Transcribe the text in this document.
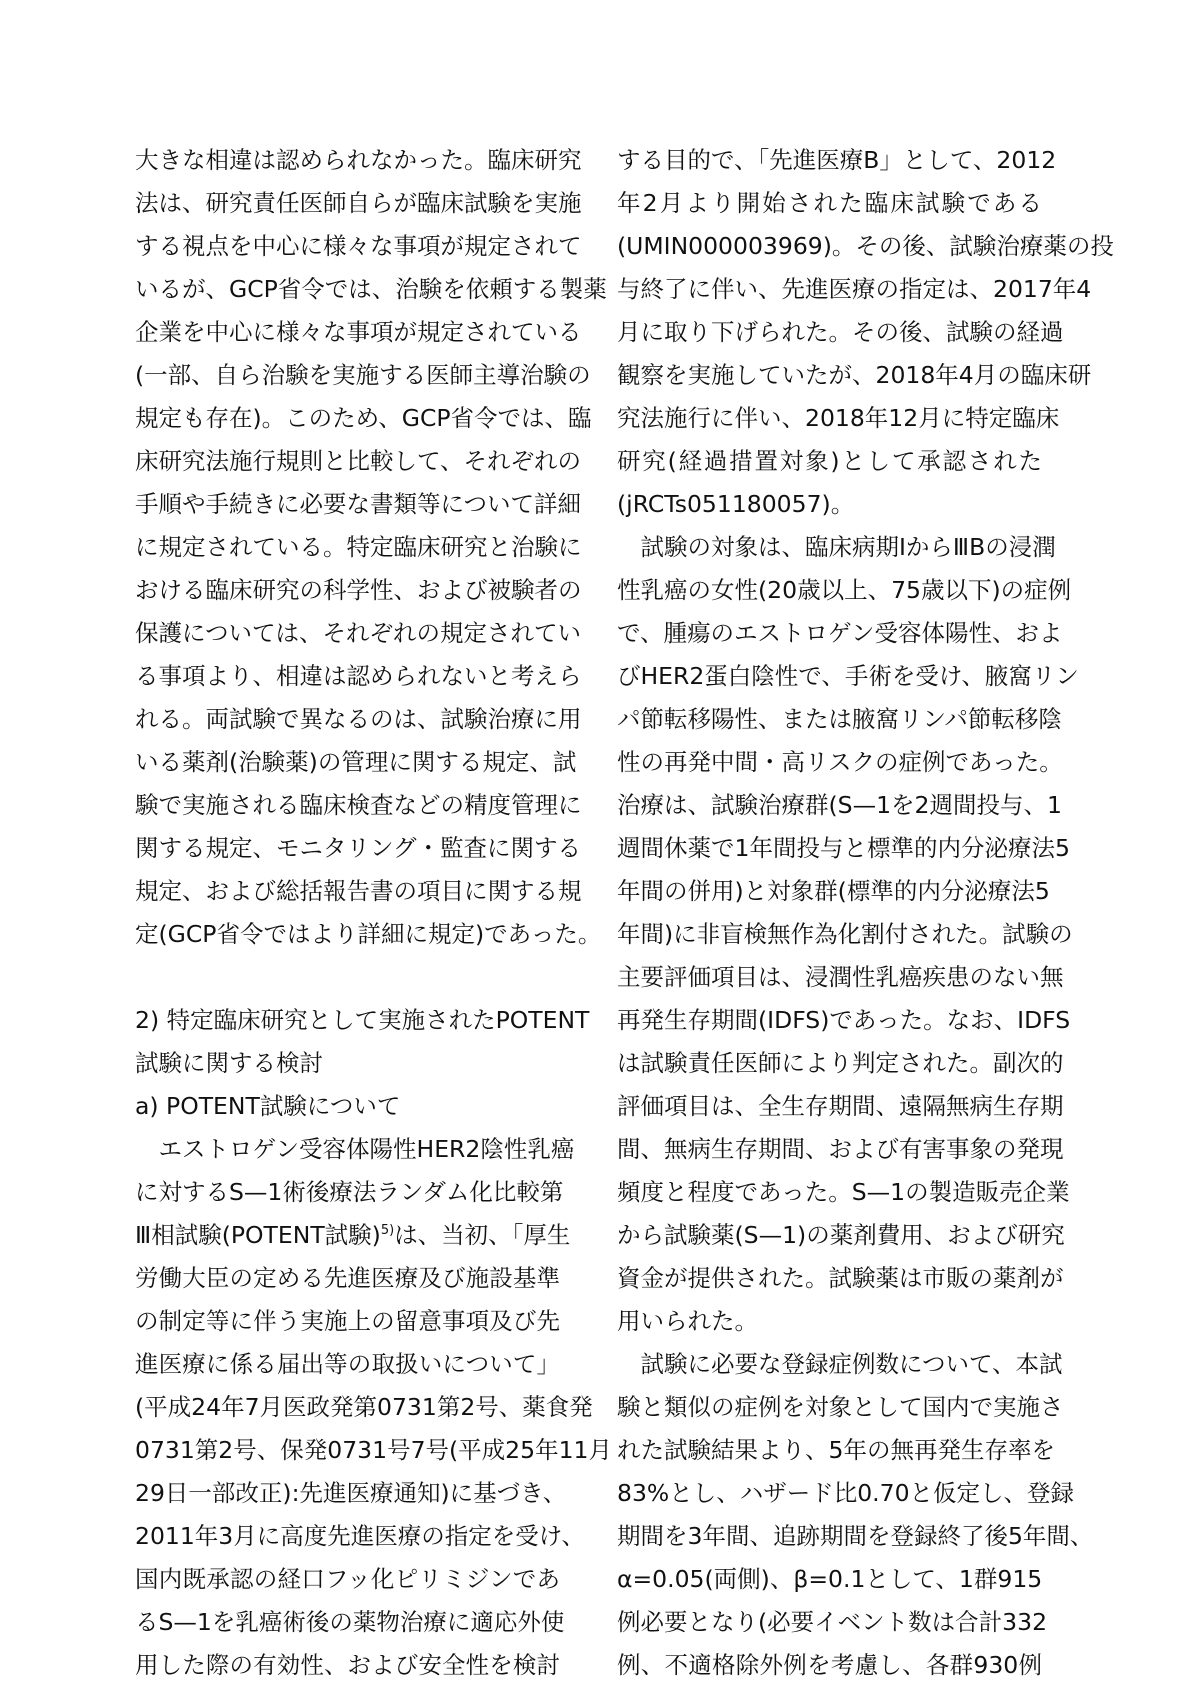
大きな相違は認められなかった。臨床研究
法は、研究責任医師自らが臨床試験を実施
する視点を中心に様々な事項が規定されて
いるが、GCP省令では、治験を依頼する製薬
企業を中心に様々な事項が規定されている
(一部、自ら治験を実施する医師主導治験の
規定も存在)。このため、GCP省令では、臨
床研究法施行規則と比較して、それぞれの
手順や手続きに必要な書類等について詳細
に規定されている。特定臨床研究と治験に
おける臨床研究の科学性、および被験者の
保護については、それぞれの規定されてい
る事項より、相違は認められないと考えら
れる。両試験で異なるのは、試験治療に用
いる薬剤(治験薬)の管理に関する規定、試
験で実施される臨床検査などの精度管理に
関する規定、モニタリング・監査に関する
規定、および総括報告書の項目に関する規
定(GCP省令ではより詳細に規定)であった。

2) 特定臨床研究として実施されたPOTENT
試験に関する検討
a) POTENT試験について
　エストロゲン受容体陽性HER2陰性乳癌
に対するS—1術後療法ランダム化比較第
Ⅲ相試験(POTENT試験)$^{5)}$は、当初、「厚生
労働大臣の定める先進医療及び施設基準
の制定等に伴う実施上の留意事項及び先
進医療に係る届出等の取扱いについて」
(平成24年7月医政発第0731第2号、薬食発
0731第2号、保発0731号7号(平成25年11月
29日一部改正):先進医療通知)に基づき、
2011年3月に高度先進医療の指定を受け、
国内既承認の経口フッ化ピリミジンであ
るS—1を乳癌術後の薬物治療に適応外使
用した際の有効性、および安全性を検討
する目的で、「先進医療B」として、2012
年2月より開始された臨床試験である
(UMIN000003969)。その後、試験治療薬の投
与終了に伴い、先進医療の指定は、2017年4
月に取り下げられた。その後、試験の経過
観察を実施していたが、2018年4月の臨床研
究法施行に伴い、2018年12月に特定臨床
研究(経過措置対象)として承認された
(jRCTs051180057)。
　試験の対象は、臨床病期ⅠからⅢBの浸潤
性乳癌の女性(20歳以上、75歳以下)の症例
で、腫瘍のエストロゲン受容体陽性、およ
びHER2蛋白陰性で、手術を受け、腋窩リン
パ節転移陽性、または腋窩リンパ節転移陰
性の再発中間・高リスクの症例であった。
治療は、試験治療群(S—1を2週間投与、1
週間休薬で1年間投与と標準的内分泌療法5
年間の併用)と対象群(標準的内分泌療法5
年間)に非盲検無作為化割付された。試験の
主要評価項目は、浸潤性乳癌疾患のない無
再発生存期間(IDFS)であった。なお、IDFS
は試験責任医師により判定された。副次的
評価項目は、全生存期間、遠隔無病生存期
間、無病生存期間、および有害事象の発現
頻度と程度であった。S—1の製造販売企業
から試験薬(S—1)の薬剤費用、および研究
資金が提供された。試験薬は市販の薬剤が
用いられた。
　試験に必要な登録症例数について、本試
験と類似の症例を対象として国内で実施さ
れた試験結果より、5年の無再発生存率を
83%とし、ハザード比0.70と仮定し、登録
期間を3年間、追跡期間を登録終了後5年間、
α=0.05(両側)、β=0.1として、1群915
例必要となり(必要イベント数は合計332
例、不適格除外例を考慮し、各群930例
